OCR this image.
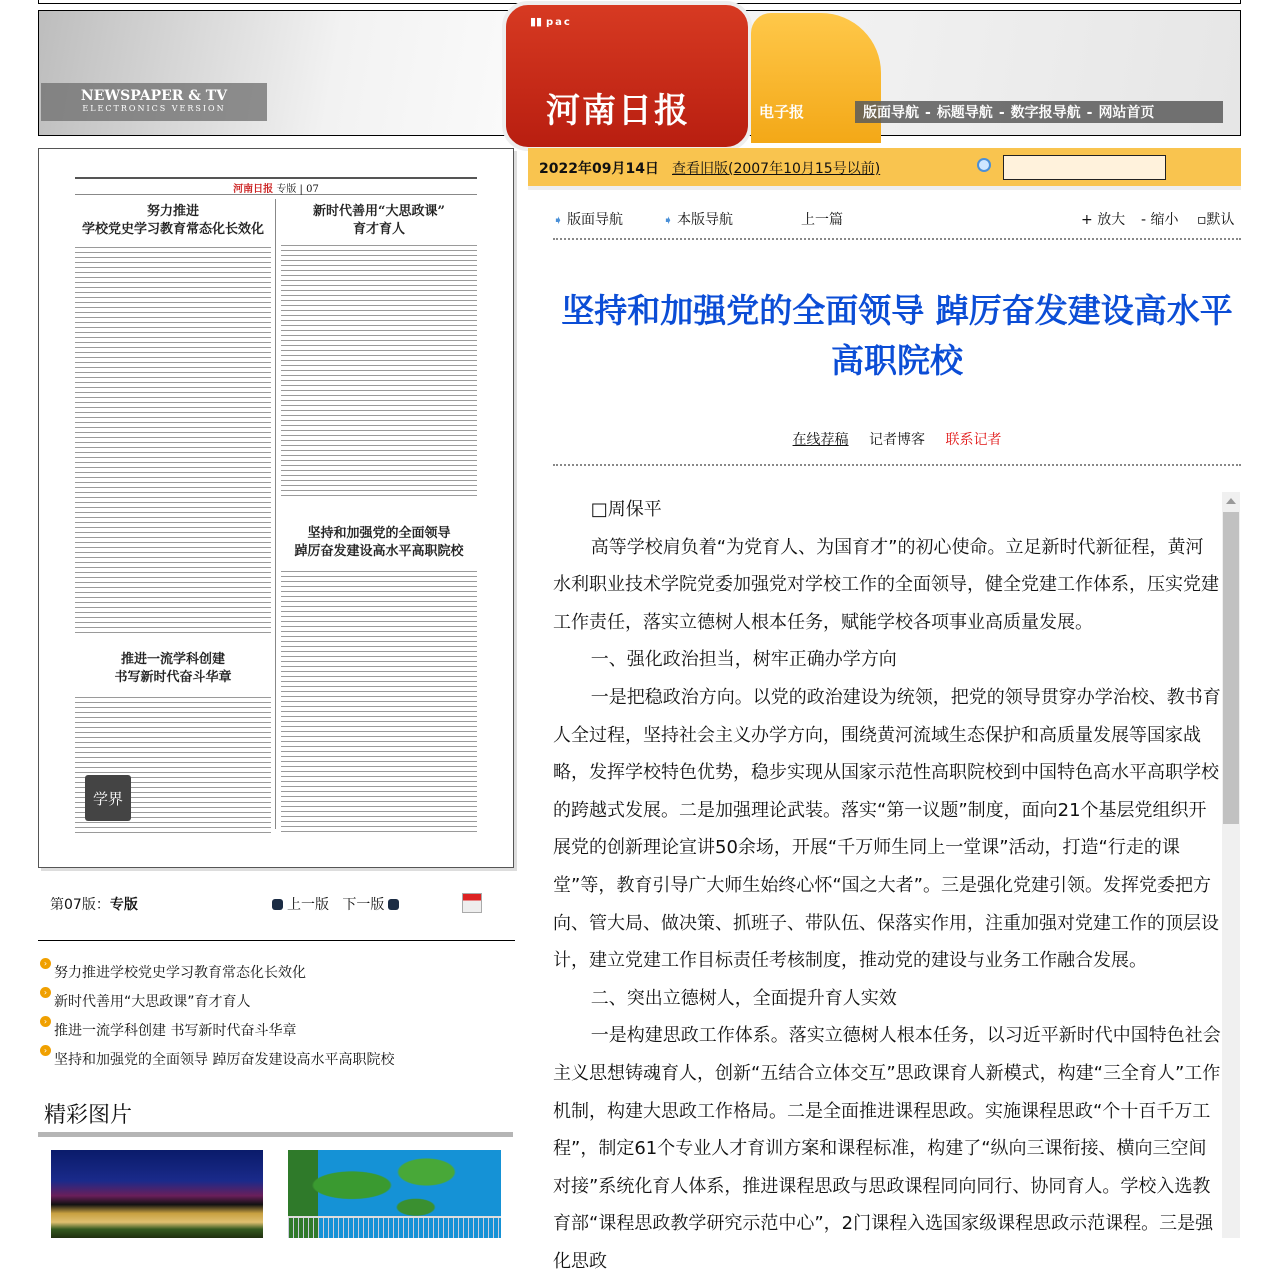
NEWSPAPER & TV
ELECTRONICS VERSION
▮▮ pac
河南日报	电子报	版面导航 - 标题导航 - 数字报导航 - 网站首页
河南日报 专版 | 07
努力推进
学校党史学习教育常态化长效化
新时代善用“大思政课”
育才育人
推进一流学科创建
书写新时代奋斗华章
坚持和加强党的全面领导
踔厉奋发建设高水平高职院校
学界
第07版：专版	上一版 下一版
›
努力推进学校党史学习教育常态化长效化
›
新时代善用“大思政课”育才育人
›
推进一流学科创建 书写新时代奋斗华章
›
坚持和加强党的全面领导 踔厉奋发建设高水平高职院校
精彩图片
2022年09月14日 查看旧版(2007年10月15号以前)
➧ 版面导航	➧ 本版导航	上一篇	+ 放大 - 缩小 ▫默认
坚持和加强党的全面领导 踔厉奋发建设高水平高职院校
在线荐稿 记者博客 联系记者

□周保平

高等学校肩负着“为党育人、为国育才”的初心使命。立足新时代新征程，黄河水利职业技术学院党委加强党对学校工作的全面领导，健全党建工作体系，压实党建工作责任，落实立德树人根本任务，赋能学校各项事业高质量发展。

一、强化政治担当，树牢正确办学方向

一是把稳政治方向。以党的政治建设为统领，把党的领导贯穿办学治校、教书育人全过程，坚持社会主义办学方向，围绕黄河流域生态保护和高质量发展等国家战略，发挥学校特色优势，稳步实现从国家示范性高职院校到中国特色高水平高职学校的跨越式发展。二是加强理论武装。落实“第一议题”制度，面向21个基层党组织开展党的创新理论宣讲50余场，开展“千万师生同上一堂课”活动，打造“行走的课堂”等，教育引导广大师生始终心怀“国之大者”。三是强化党建引领。发挥党委把方向、管大局、做决策、抓班子、带队伍、保落实作用，注重加强对党建工作的顶层设计，建立党建工作目标责任考核制度，推动党的建设与业务工作融合发展。

二、突出立德树人，全面提升育人实效

一是构建思政工作体系。落实立德树人根本任务，以习近平新时代中国特色社会主义思想铸魂育人，创新“五结合立体交互”思政课育人新模式，构建“三全育人”工作机制，构建大思政工作格局。二是全面推进课程思政。实施课程思政“个十百千万工程”，制定61个专业人才育训方案和课程标准，构建了“纵向三课衔接、横向三空间对接”系统化育人体系，推进课程思政与思政课程同向同行、协同育人。学校入选教育部“课程思政教学研究示范中心”，2门课程入选国家级课程思政示范课程。三是强化思政
